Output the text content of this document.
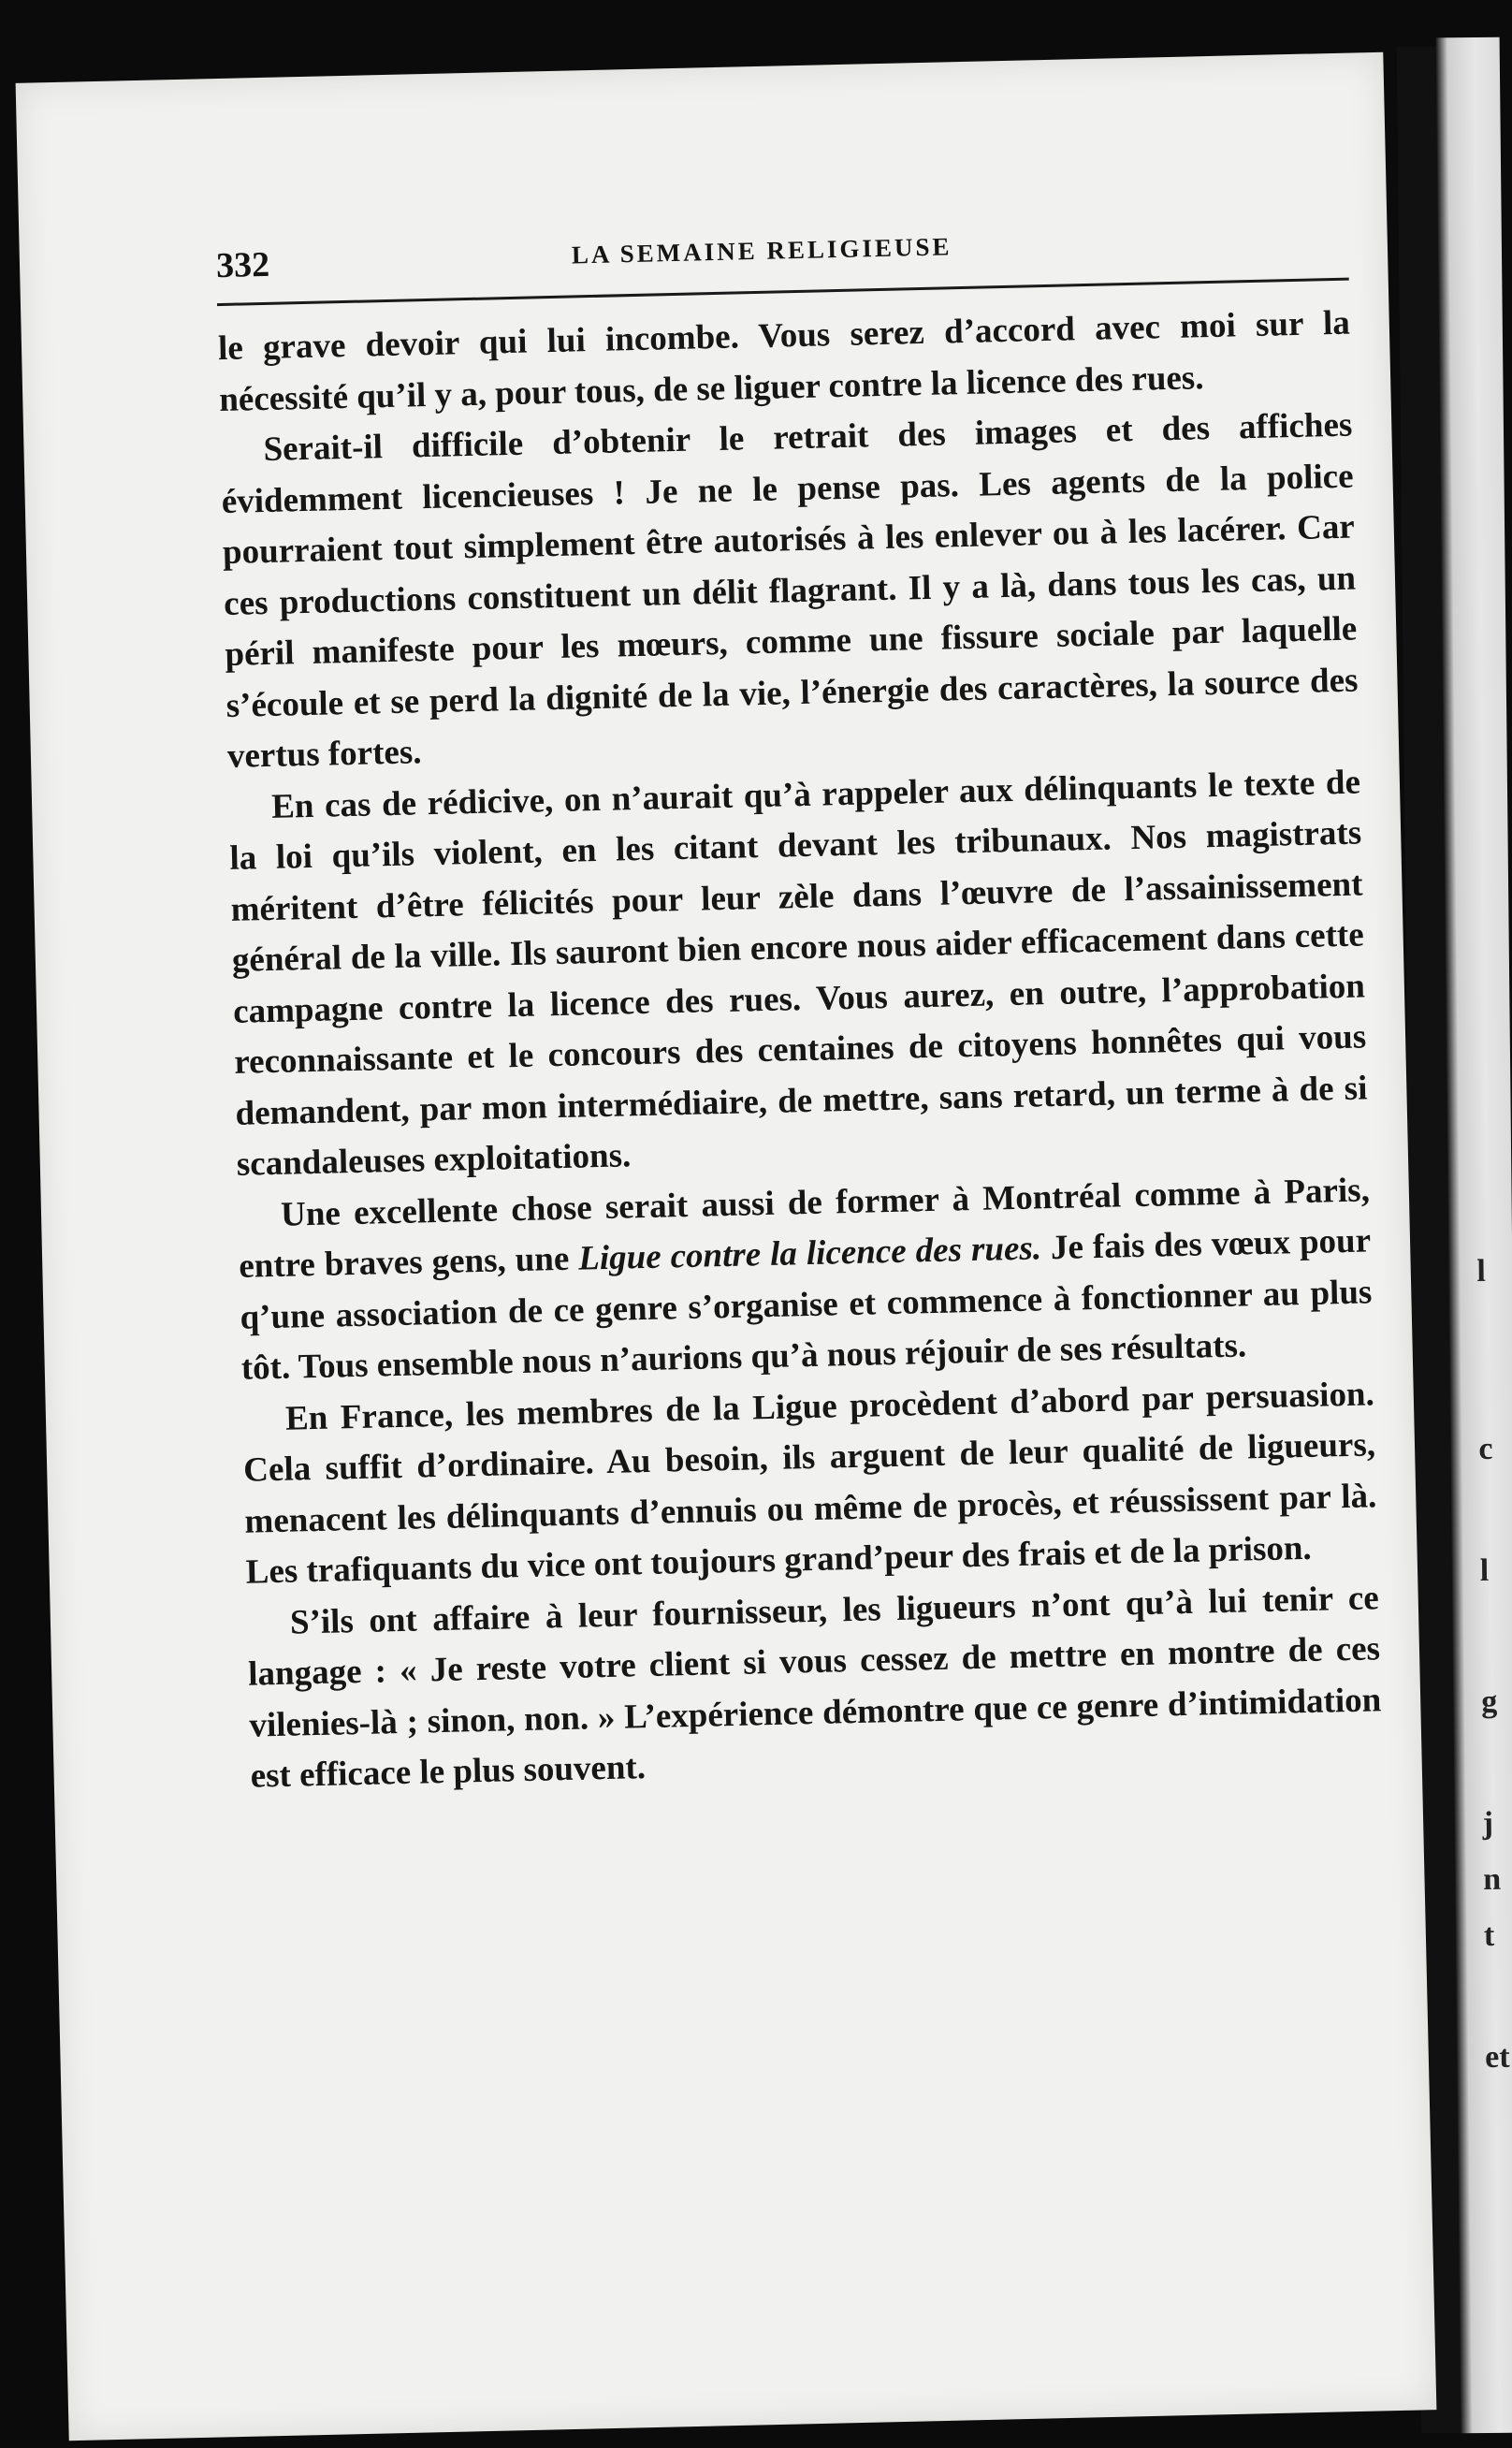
l
c
l
g
j
n
t
et
332	LA SEMAINE RELIGIEUSE

le grave devoir qui lui incombe. Vous serez d’accord avec moi sur la nécessité qu’il y a, pour tous, de se liguer contre la licence des rues.

Serait-il difficile d’obtenir le retrait des images et des affiches évidemment licencieuses ! Je ne le pense pas. Les agents de la police pourraient tout simplement être autorisés à les enlever ou à les lacérer. Car ces productions constituent un délit flagrant. Il y a là, dans tous les cas, un péril manifeste pour les mœurs, comme une fissure sociale par laquelle s’écoule et se perd la dignité de la vie, l’énergie des caractères, la source des vertus fortes.

En cas de rédicive, on n’aurait qu’à rappeler aux délinquants le texte de la loi qu’ils violent, en les citant devant les tribunaux. Nos magistrats méritent d’être félicités pour leur zèle dans l’œuvre de l’assainissement général de la ville. Ils sauront bien encore nous aider efficacement dans cette campagne contre la licence des rues. Vous aurez, en outre, l’approbation reconnaissante et le concours des centaines de citoyens honnêtes qui vous demandent, par mon intermédiaire, de mettre, sans retard, un terme à de si scandaleuses exploitations.

Une excellente chose serait aussi de former à Montréal comme à Paris, entre braves gens, une Ligue contre la licence des rues. Je fais des vœux pour q’une association de ce genre s’organise et commence à fonctionner au plus tôt. Tous ensemble nous n’aurions qu’à nous réjouir de ses résultats.

En France, les membres de la Ligue procèdent d’abord par persuasion. Cela suffit d’ordinaire. Au besoin, ils arguent de leur qualité de ligueurs, menacent les délinquants d’ennuis ou même de procès, et réussissent par là. Les trafiquants du vice ont toujours grand’peur des frais et de la prison.

S’ils ont affaire à leur fournisseur, les ligueurs n’ont qu’à lui tenir ce langage : « Je reste votre client si vous cessez de mettre en montre de ces vilenies-là ; sinon, non. » L’expérience démontre que ce genre d’intimidation est efficace le plus souvent.
